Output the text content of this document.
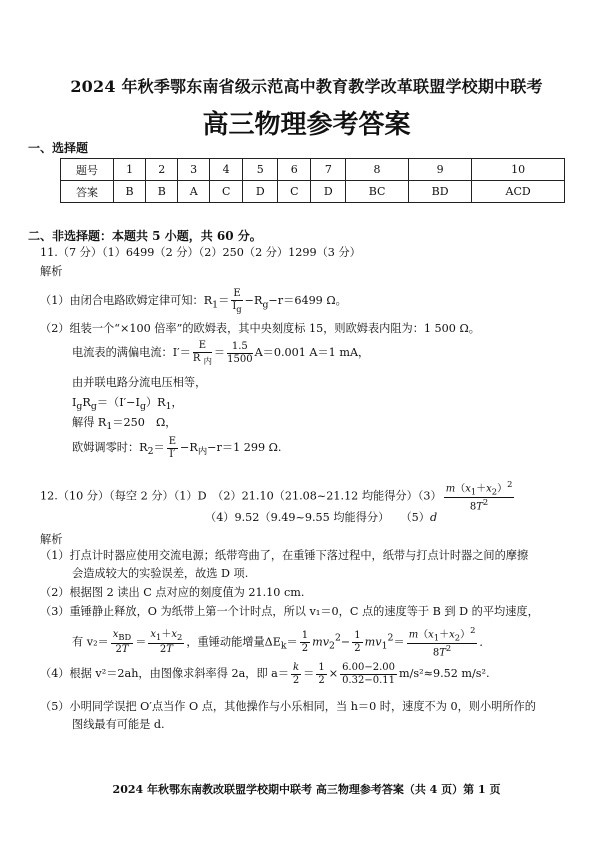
2024 年秋季鄂东南省级示范高中教育教学改革联盟学校期中联考
高三物理参考答案
一、选择题
题号	1	2	3	4	5	6	7	8	9	10
答案	B	B	A	C	D	C	D	BC	BD	ACD
二、非选择题：本题共 5 小题，共 60 分。
11.（7 分）（1）6499（2 分）（2）250（2 分）1299（3 分）
解析
（1）由闭合电路欧姆定律可知：$R_1= \frac{E}{I_g} -R_g-r=6499$ Ω。
（2）组装一个“×100 倍率”的欧姆表，其中央刻度标 15，则欧姆表内阻为：1 500 Ω。
电流表的满偏电流：$I'= \frac{E}{R _内} = \frac{1.5}{1500} A=0.001$ A＝1 mA，
由并联电路分流电压相等，
$I_gR_g=(I'-I_g)R_1$，
解得 $R_1=250$　Ω，
欧姆调零时：$R_2= \frac{E}{I'} -R_内-r=1$ 299 Ω.
12.（10 分）（每空 2 分）（1）D　（2）21.10（21.08~21.12 均能得分）$(3) \frac{m(x_1+x_2)^2}{8T^2}$
（4）9.52（9.49~9.55 均能得分）　　（5）d
解析
（1）打点计时器应使用交流电源；纸带弯曲了，在重锤下落过程中，纸带与打点计时器之间的摩擦
会造成较大的实验误差，故选 D 项.
（2）根据图 2 读出 C 点对应的刻度值为 21.10 cm.
（3）重锤静止释放，O 为纸带上第一个计时点，所以 v₁＝0，C 点的速度等于 B 到 D 的平均速度，
有 $v_2= \frac{x_{BD}}{2T} = \frac{x_1+x_2}{2T}$ ，重锤动能增量$\Delta E_k= \frac{1}{2} mv_2^2- \frac{1}{2} mv_1^2= \frac{m(x_1+x_2)^2}{8T^2}$ ．
（4）根据 v²＝2ah，由图像求斜率得 2a，即 $a= \frac{k}{2} = \frac{1}{2} \times \frac{6.00-2.00}{0.32-0.11} m/s^2\approx 9.52$ m/s².
（5）小明同学误把 O′点当作 O 点，其他操作与小乐相同，当 h＝0 时，速度不为 0，则小明所作的
图线最有可能是 d.
2024 年秋鄂东南教改联盟学校期中联考 高三物理参考答案（共 4 页）第 1 页
